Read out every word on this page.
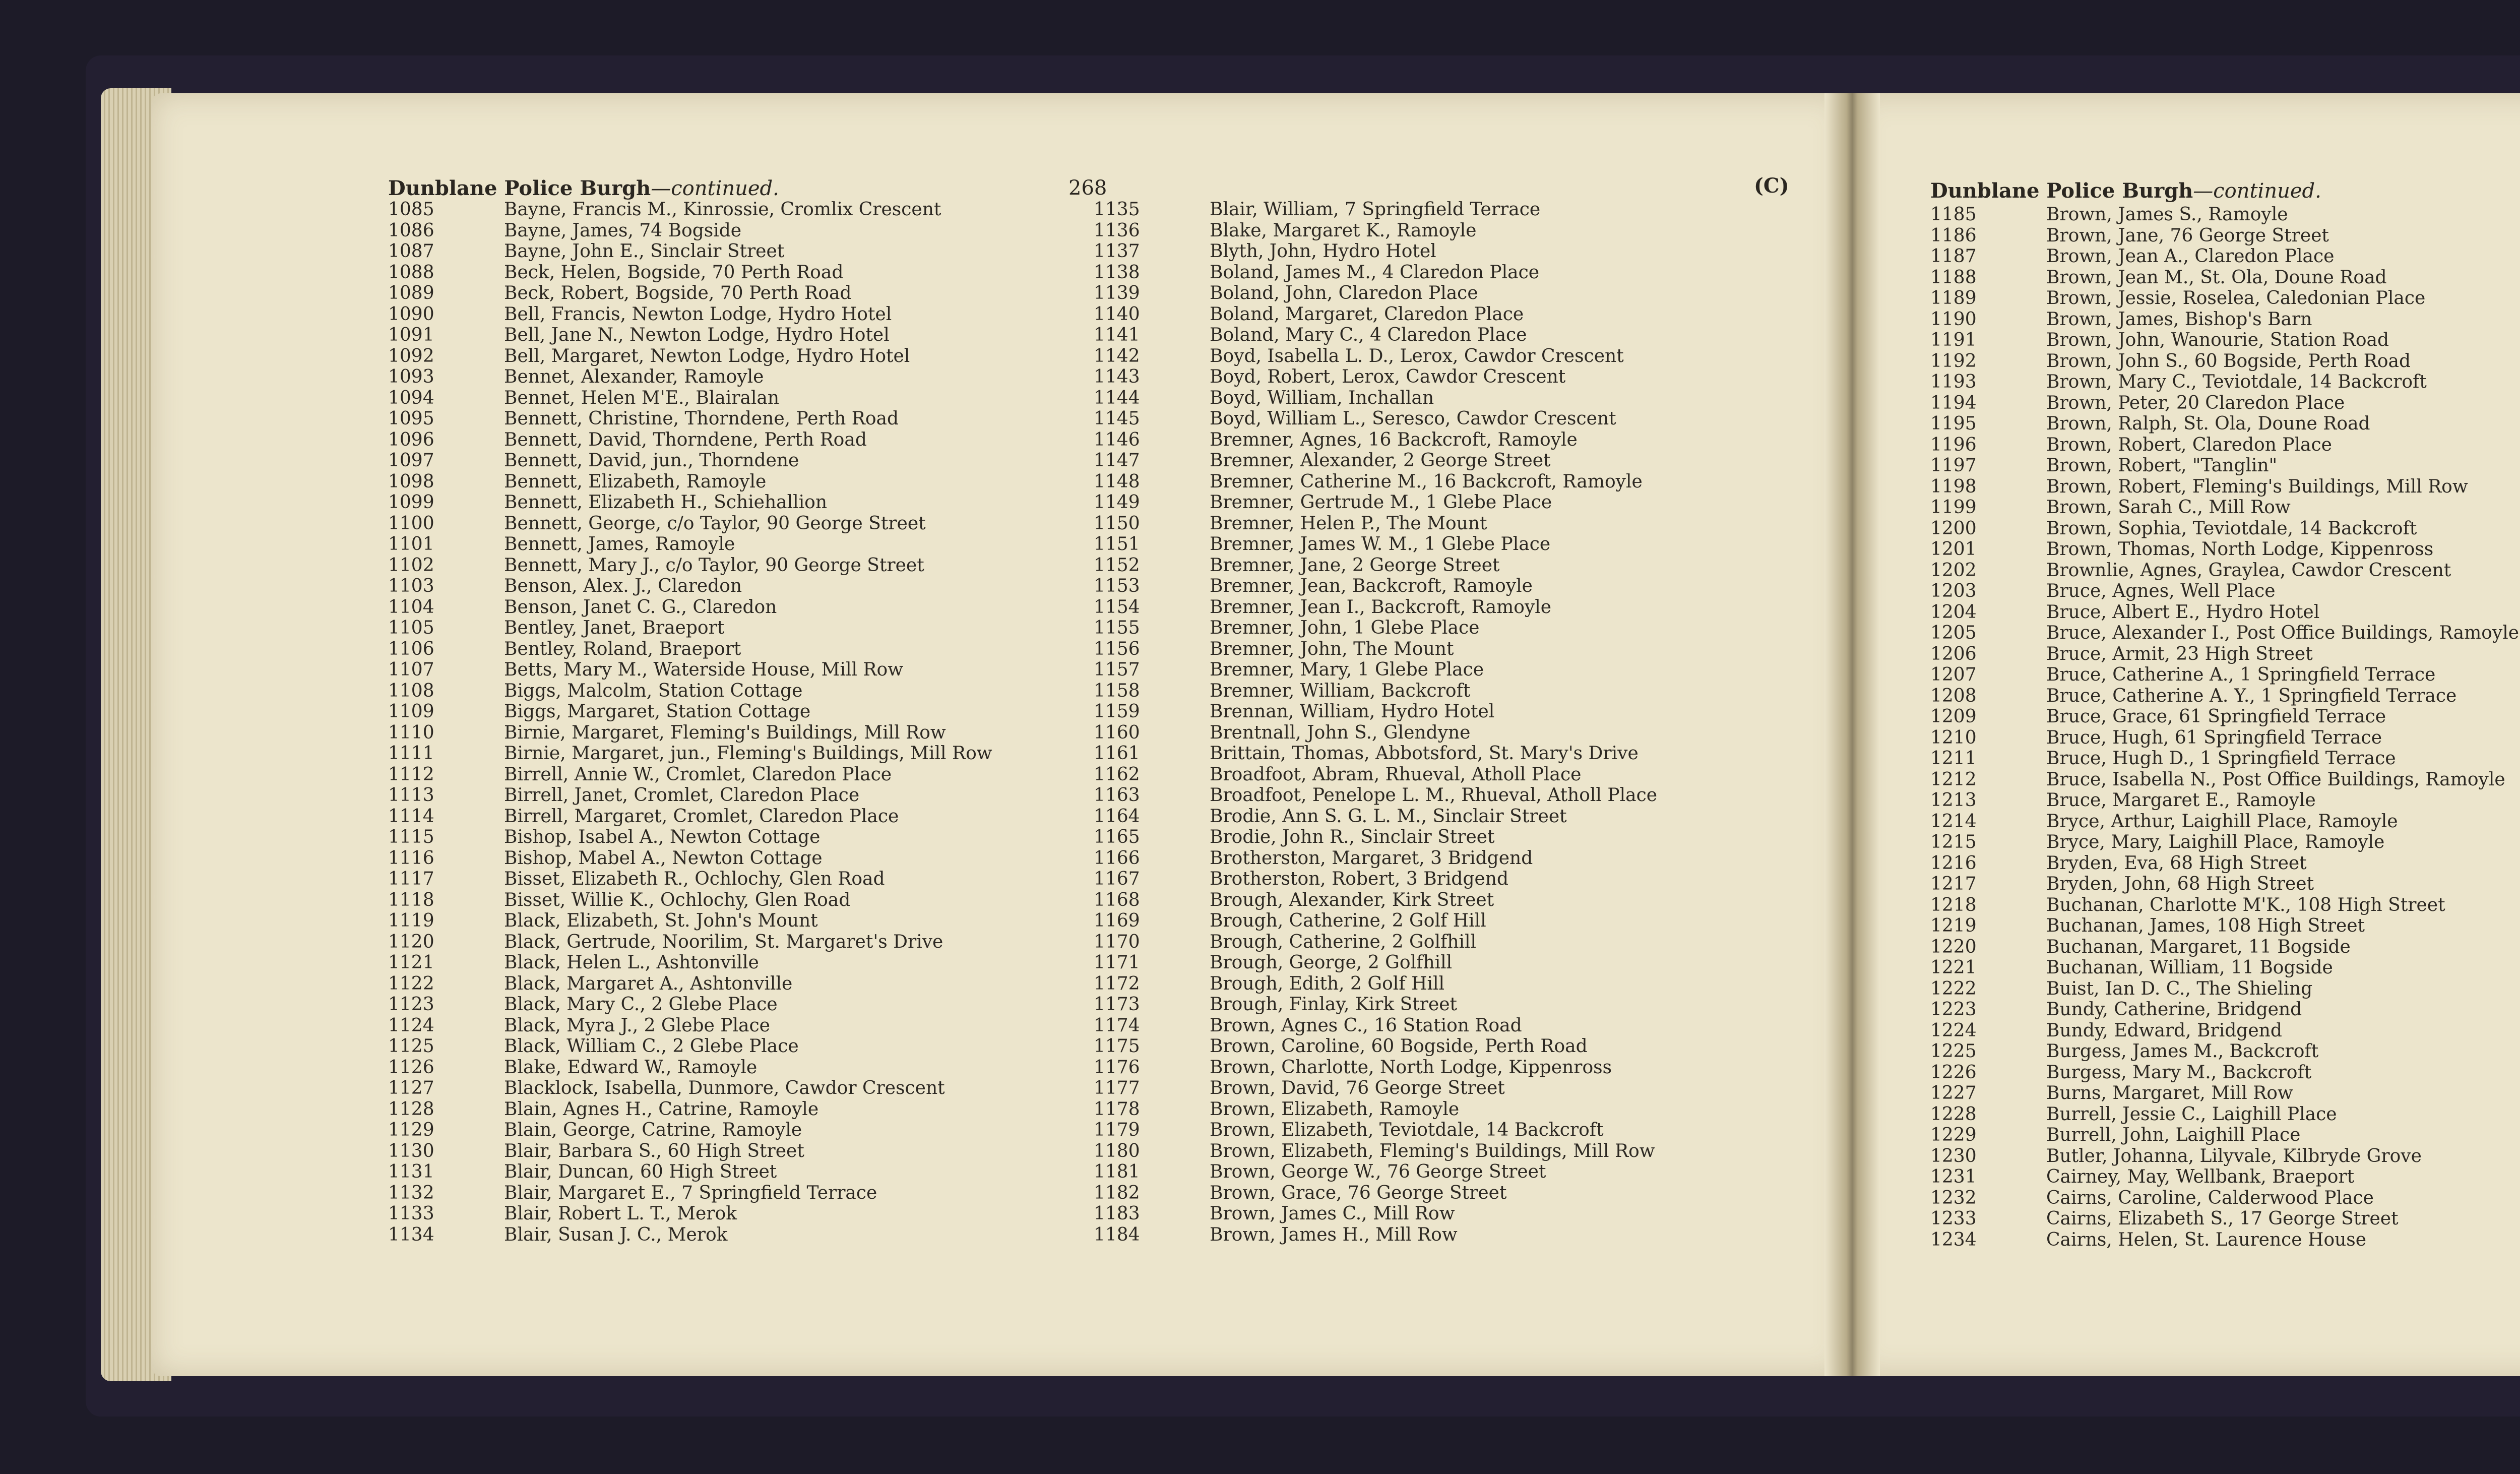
Dunblane Police Burgh—continued.	268	(C)
1085	Bayne, Francis M., Kinrossie, Cromlix Crescent
1086	Bayne, James, 74 Bogside
1087	Bayne, John E., Sinclair Street
1088	Beck, Helen, Bogside, 70 Perth Road
1089	Beck, Robert, Bogside, 70 Perth Road
1090	Bell, Francis, Newton Lodge, Hydro Hotel
1091	Bell, Jane N., Newton Lodge, Hydro Hotel
1092	Bell, Margaret, Newton Lodge, Hydro Hotel
1093	Bennet, Alexander, Ramoyle
1094	Bennet, Helen M'E., Blairalan
1095	Bennett, Christine, Thorndene, Perth Road
1096	Bennett, David, Thorndene, Perth Road
1097	Bennett, David, jun., Thorndene
1098	Bennett, Elizabeth, Ramoyle
1099	Bennett, Elizabeth H., Schiehallion
1100	Bennett, George, c/o Taylor, 90 George Street
1101	Bennett, James, Ramoyle
1102	Bennett, Mary J., c/o Taylor, 90 George Street
1103	Benson, Alex. J., Claredon
1104	Benson, Janet C. G., Claredon
1105	Bentley, Janet, Braeport
1106	Bentley, Roland, Braeport
1107	Betts, Mary M., Waterside House, Mill Row
1108	Biggs, Malcolm, Station Cottage
1109	Biggs, Margaret, Station Cottage
1110	Birnie, Margaret, Fleming's Buildings, Mill Row
1111	Birnie, Margaret, jun., Fleming's Buildings, Mill Row
1112	Birrell, Annie W., Cromlet, Claredon Place
1113	Birrell, Janet, Cromlet, Claredon Place
1114	Birrell, Margaret, Cromlet, Claredon Place
1115	Bishop, Isabel A., Newton Cottage
1116	Bishop, Mabel A., Newton Cottage
1117	Bisset, Elizabeth R., Ochlochy, Glen Road
1118	Bisset, Willie K., Ochlochy, Glen Road
1119	Black, Elizabeth, St. John's Mount
1120	Black, Gertrude, Noorilim, St. Margaret's Drive
1121	Black, Helen L., Ashtonville
1122	Black, Margaret A., Ashtonville
1123	Black, Mary C., 2 Glebe Place
1124	Black, Myra J., 2 Glebe Place
1125	Black, William C., 2 Glebe Place
1126	Blake, Edward W., Ramoyle
1127	Blacklock, Isabella, Dunmore, Cawdor Crescent
1128	Blain, Agnes H., Catrine, Ramoyle
1129	Blain, George, Catrine, Ramoyle
1130	Blair, Barbara S., 60 High Street
1131	Blair, Duncan, 60 High Street
1132	Blair, Margaret E., 7 Springfield Terrace
1133	Blair, Robert L. T., Merok
1134	Blair, Susan J. C., Merok
1135	Blair, William, 7 Springfield Terrace
1136	Blake, Margaret K., Ramoyle
1137	Blyth, John, Hydro Hotel
1138	Boland, James M., 4 Claredon Place
1139	Boland, John, Claredon Place
1140	Boland, Margaret, Claredon Place
1141	Boland, Mary C., 4 Claredon Place
1142	Boyd, Isabella L. D., Lerox, Cawdor Crescent
1143	Boyd, Robert, Lerox, Cawdor Crescent
1144	Boyd, William, Inchallan
1145	Boyd, William L., Seresco, Cawdor Crescent
1146	Bremner, Agnes, 16 Backcroft, Ramoyle
1147	Bremner, Alexander, 2 George Street
1148	Bremner, Catherine M., 16 Backcroft, Ramoyle
1149	Bremner, Gertrude M., 1 Glebe Place
1150	Bremner, Helen P., The Mount
1151	Bremner, James W. M., 1 Glebe Place
1152	Bremner, Jane, 2 George Street
1153	Bremner, Jean, Backcroft, Ramoyle
1154	Bremner, Jean I., Backcroft, Ramoyle
1155	Bremner, John, 1 Glebe Place
1156	Bremner, John, The Mount
1157	Bremner, Mary, 1 Glebe Place
1158	Bremner, William, Backcroft
1159	Brennan, William, Hydro Hotel
1160	Brentnall, John S., Glendyne
1161	Brittain, Thomas, Abbotsford, St. Mary's Drive
1162	Broadfoot, Abram, Rhueval, Atholl Place
1163	Broadfoot, Penelope L. M., Rhueval, Atholl Place
1164	Brodie, Ann S. G. L. M., Sinclair Street
1165	Brodie, John R., Sinclair Street
1166	Brotherston, Margaret, 3 Bridgend
1167	Brotherston, Robert, 3 Bridgend
1168	Brough, Alexander, Kirk Street
1169	Brough, Catherine, 2 Golf Hill
1170	Brough, Catherine, 2 Golfhill
1171	Brough, George, 2 Golfhill
1172	Brough, Edith, 2 Golf Hill
1173	Brough, Finlay, Kirk Street
1174	Brown, Agnes C., 16 Station Road
1175	Brown, Caroline, 60 Bogside, Perth Road
1176	Brown, Charlotte, North Lodge, Kippenross
1177	Brown, David, 76 George Street
1178	Brown, Elizabeth, Ramoyle
1179	Brown, Elizabeth, Teviotdale, 14 Backcroft
1180	Brown, Elizabeth, Fleming's Buildings, Mill Row
1181	Brown, George W., 76 George Street
1182	Brown, Grace, 76 George Street
1183	Brown, James C., Mill Row
1184	Brown, James H., Mill Row
Dunblane Police Burgh—continued.
1185	Brown, James S., Ramoyle
1186	Brown, Jane, 76 George Street
1187	Brown, Jean A., Claredon Place
1188	Brown, Jean M., St. Ola, Doune Road
1189	Brown, Jessie, Roselea, Caledonian Place
1190	Brown, James, Bishop's Barn
1191	Brown, John, Wanourie, Station Road
1192	Brown, John S., 60 Bogside, Perth Road
1193	Brown, Mary C., Teviotdale, 14 Backcroft
1194	Brown, Peter, 20 Claredon Place
1195	Brown, Ralph, St. Ola, Doune Road
1196	Brown, Robert, Claredon Place
1197	Brown, Robert, "Tanglin"
1198	Brown, Robert, Fleming's Buildings, Mill Row
1199	Brown, Sarah C., Mill Row
1200	Brown, Sophia, Teviotdale, 14 Backcroft
1201	Brown, Thomas, North Lodge, Kippenross
1202	Brownlie, Agnes, Graylea, Cawdor Crescent
1203	Bruce, Agnes, Well Place
1204	Bruce, Albert E., Hydro Hotel
1205	Bruce, Alexander I., Post Office Buildings, Ramoyle
1206	Bruce, Armit, 23 High Street
1207	Bruce, Catherine A., 1 Springfield Terrace
1208	Bruce, Catherine A. Y., 1 Springfield Terrace
1209	Bruce, Grace, 61 Springfield Terrace
1210	Bruce, Hugh, 61 Springfield Terrace
1211	Bruce, Hugh D., 1 Springfield Terrace
1212	Bruce, Isabella N., Post Office Buildings, Ramoyle
1213	Bruce, Margaret E., Ramoyle
1214	Bryce, Arthur, Laighill Place, Ramoyle
1215	Bryce, Mary, Laighill Place, Ramoyle
1216	Bryden, Eva, 68 High Street
1217	Bryden, John, 68 High Street
1218	Buchanan, Charlotte M'K., 108 High Street
1219	Buchanan, James, 108 High Street
1220	Buchanan, Margaret, 11 Bogside
1221	Buchanan, William, 11 Bogside
1222	Buist, Ian D. C., The Shieling
1223	Bundy, Catherine, Bridgend
1224	Bundy, Edward, Bridgend
1225	Burgess, James M., Backcroft
1226	Burgess, Mary M., Backcroft
1227	Burns, Margaret, Mill Row
1228	Burrell, Jessie C., Laighill Place
1229	Burrell, John, Laighill Place
1230	Butler, Johanna, Lilyvale, Kilbryde Grove
1231	Cairney, May, Wellbank, Braeport
1232	Cairns, Caroline, Calderwood Place
1233	Cairns, Elizabeth S., 17 George Street
1234	Cairns, Helen, St. Laurence House
